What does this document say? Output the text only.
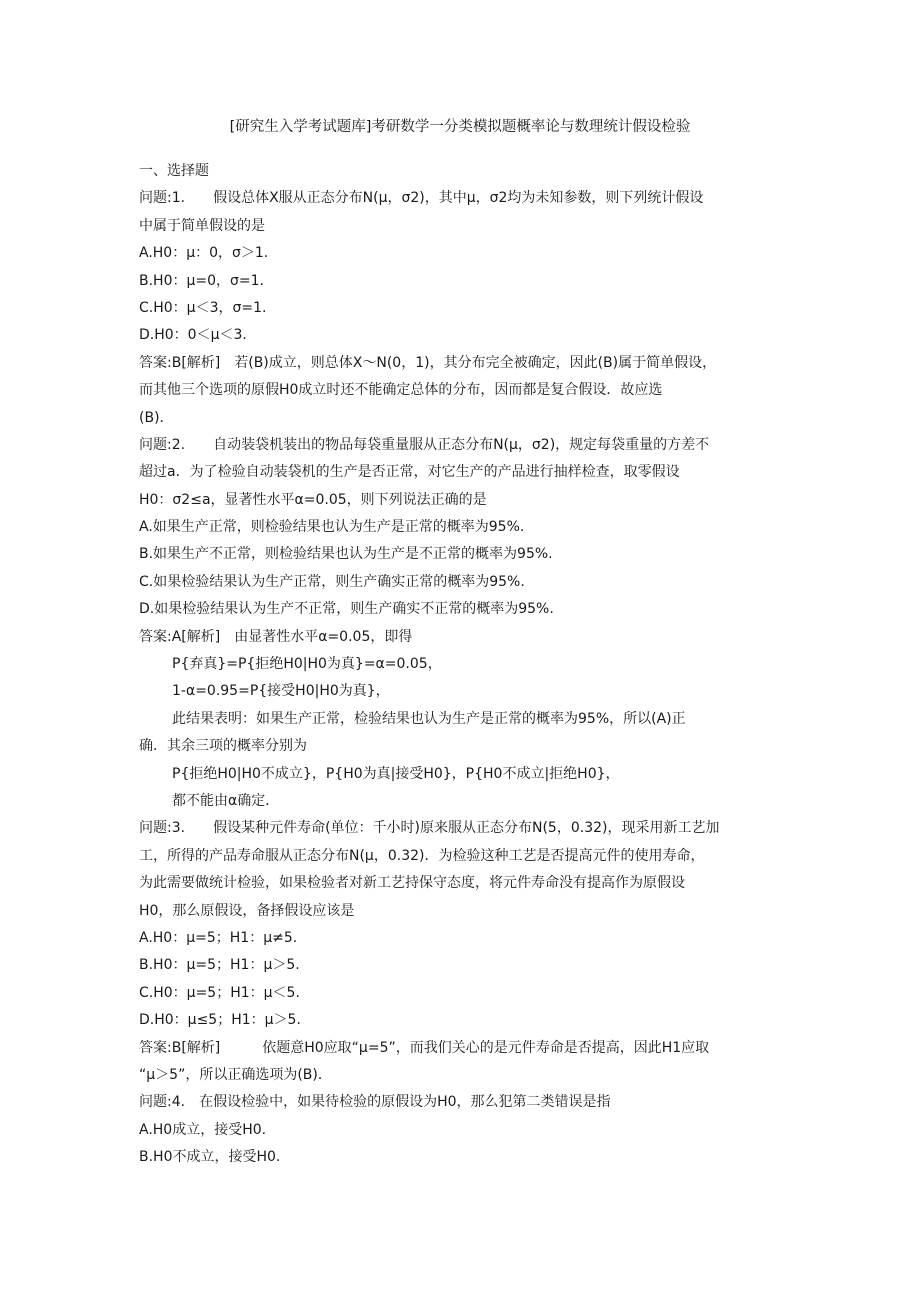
[研究生入学考试题库]考研数学一分类模拟题概率论与数理统计假设检验
一、选择题
问题:1.　　假设总体X服从正态分布N(μ，σ2)，其中μ，σ2均为未知参数，则下列统计假设
中属于简单假设的是
A.H0：μ：0，σ＞1.
B.H0：μ=0，σ=1.
C.H0：μ＜3，σ=1.
D.H0：0＜μ＜3.
答案:B[解析]　若(B)成立，则总体X～N(0，1)，其分布完全被确定，因此(B)属于简单假设，
而其他三个选项的原假H0成立时还不能确定总体的分布，因而都是复合假设．故应选
(B)．
问题:2.　　自动装袋机装出的物品每袋重量服从正态分布N(μ，σ2)，规定每袋重量的方差不
超过a．为了检验自动装袋机的生产是否正常，对它生产的产品进行抽样检查，取零假设
H0：σ2≤a，显著性水平α=0.05，则下列说法正确的是
A.如果生产正常，则检验结果也认为生产是正常的概率为95%.
B.如果生产不正常，则检验结果也认为生产是不正常的概率为95%.
C.如果检验结果认为生产正常，则生产确实正常的概率为95%.
D.如果检验结果认为生产不正常，则生产确实不正常的概率为95%.
答案:A[解析]　由显著性水平α=0.05，即得
P{弃真}=P{拒绝H0|H0为真}=α=0.05，
1-α=0.95=P{接受H0|H0为真}，
此结果表明：如果生产正常，检验结果也认为生产是正常的概率为95%，所以(A)正
确．其余三项的概率分别为
P{拒绝H0|H0不成立}，P{H0为真|接受H0}，P{H0不成立|拒绝H0}，
都不能由α确定．
问题:3.　　假设某种元件寿命(单位：千小时)原来服从正态分布N(5，0.32)，现采用新工艺加
工，所得的产品寿命服从正态分布N(μ，0.32)．为检验这种工艺是否提高元件的使用寿命，
为此需要做统计检验，如果检验者对新工艺持保守态度，将元件寿命没有提高作为原假设
H0，那么原假设，备择假设应该是
A.H0：μ=5；H1：μ≠5.
B.H0：μ=5；H1：μ＞5.
C.H0：μ=5；H1：μ＜5.
D.H0：μ≤5；H1：μ＞5.
答案:B[解析]　　　依题意H0应取“μ=5”，而我们关心的是元件寿命是否提高，因此H1应取
“μ＞5”，所以正确选项为(B)．
问题:4.　在假设检验中，如果待检验的原假设为H0，那么犯第二类错误是指
A.H0成立，接受H0.
B.H0不成立，接受H0.
